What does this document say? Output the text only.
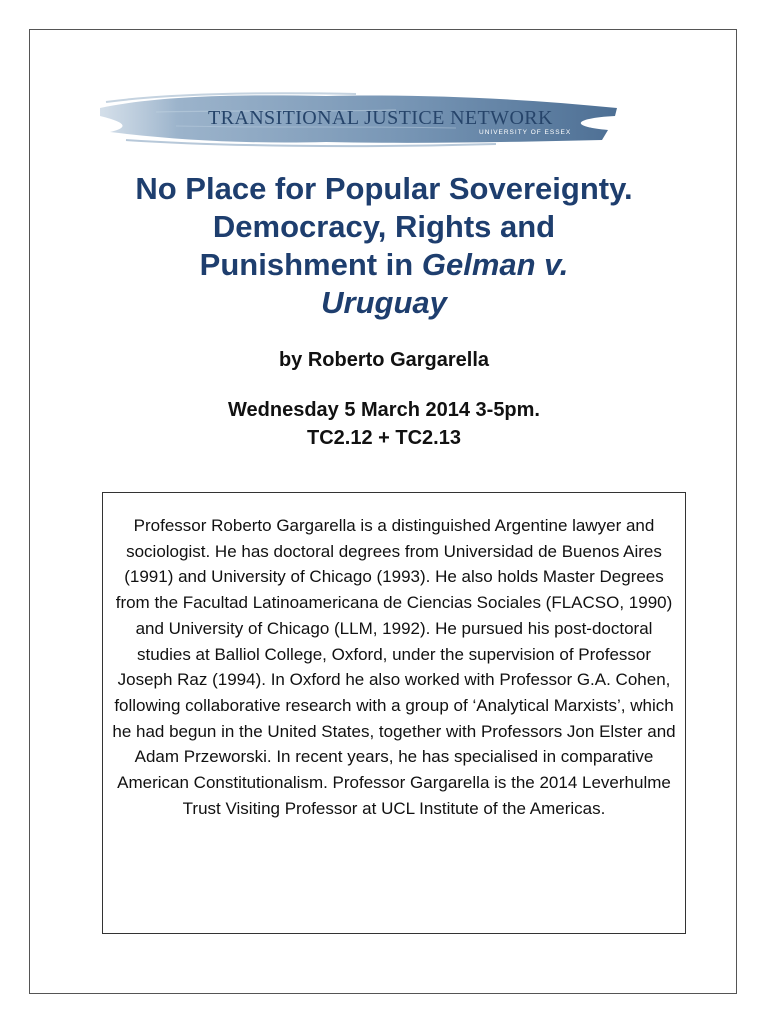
TRANSITIONAL JUSTICE NETWORK
UNIVERSITY OF ESSEX
No Place for Popular Sovereignty.
Democracy, Rights and
Punishment in Gelman v.
Uruguay
by Roberto Gargarella
Wednesday 5 March 2014 3-5pm.
TC2.12 + TC2.13

Professor Roberto Gargarella is a distinguished Argentine lawyer and sociologist. He has doctoral degrees from Universidad de Buenos Aires (1991) and University of Chicago (1993). He also holds Master Degrees from the Facultad Latinoamericana de Ciencias Sociales (FLACSO, 1990) and University of Chicago (LLM, 1992). He pursued his post-doctoral studies at Balliol College, Oxford, under the supervision of Professor Joseph Raz (1994). In Oxford he also worked with Professor G.A. Cohen, following collaborative research with a group of ‘Analytical Marxists’, which he had begun in the United States, together with Professors Jon Elster and Adam Przeworski. In recent years, he has specialised in comparative American Constitutionalism. Professor Gargarella is the 2014 Leverhulme Trust Visiting Professor at UCL Institute of the Americas.
